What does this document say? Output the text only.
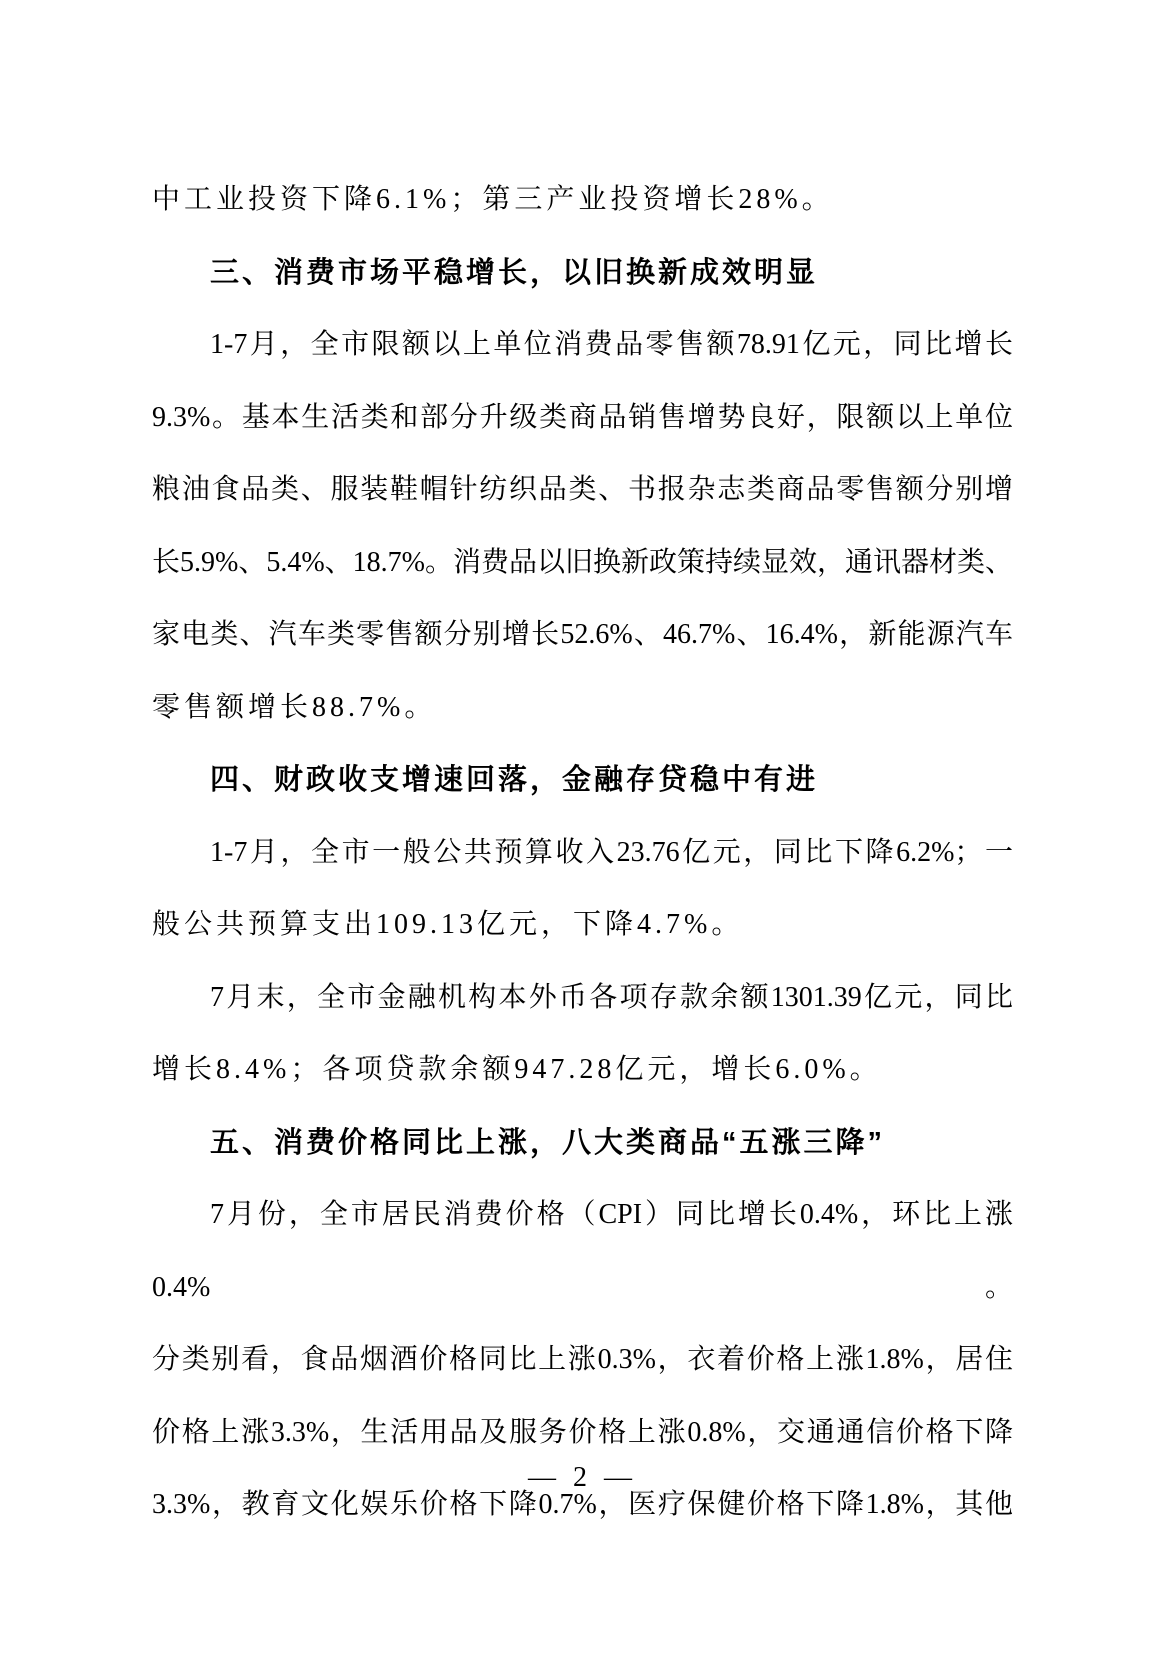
中工业投资下降6.1%；第三产业投资增长28%。
三、消费市场平稳增长，以旧换新成效明显
1-7月，全市限额以上单位消费品零售额78.91亿元，同比增长
9.3%。基本生活类和部分升级类商品销售增势良好，限额以上单位
粮油食品类、服装鞋帽针纺织品类、书报杂志类商品零售额分别增
长5.9%、5.4%、18.7%。消费品以旧换新政策持续显效，通讯器材类、
家电类、汽车类零售额分别增长52.6%、46.7%、16.4%，新能源汽车
零售额增长88.7%。
四、财政收支增速回落，金融存贷稳中有进
1-7月，全市一般公共预算收入23.76亿元，同比下降6.2%；一
般公共预算支出109.13亿元，下降4.7%。
7月末，全市金融机构本外币各项存款余额1301.39亿元，同比
增长8.4%；各项贷款余额947.28亿元，增长6.0%。
五、消费价格同比上涨，八大类商品“五涨三降”
7月份，全市居民消费价格（CPI）同比增长0.4%，环比上涨0.4%。
分类别看，食品烟酒价格同比上涨0.3%，衣着价格上涨1.8%，居住
价格上涨3.3%，生活用品及服务价格上涨0.8%，交通通信价格下降
3.3%，教育文化娱乐价格下降0.7%，医疗保健价格下降1.8%，其他
— 2 —
